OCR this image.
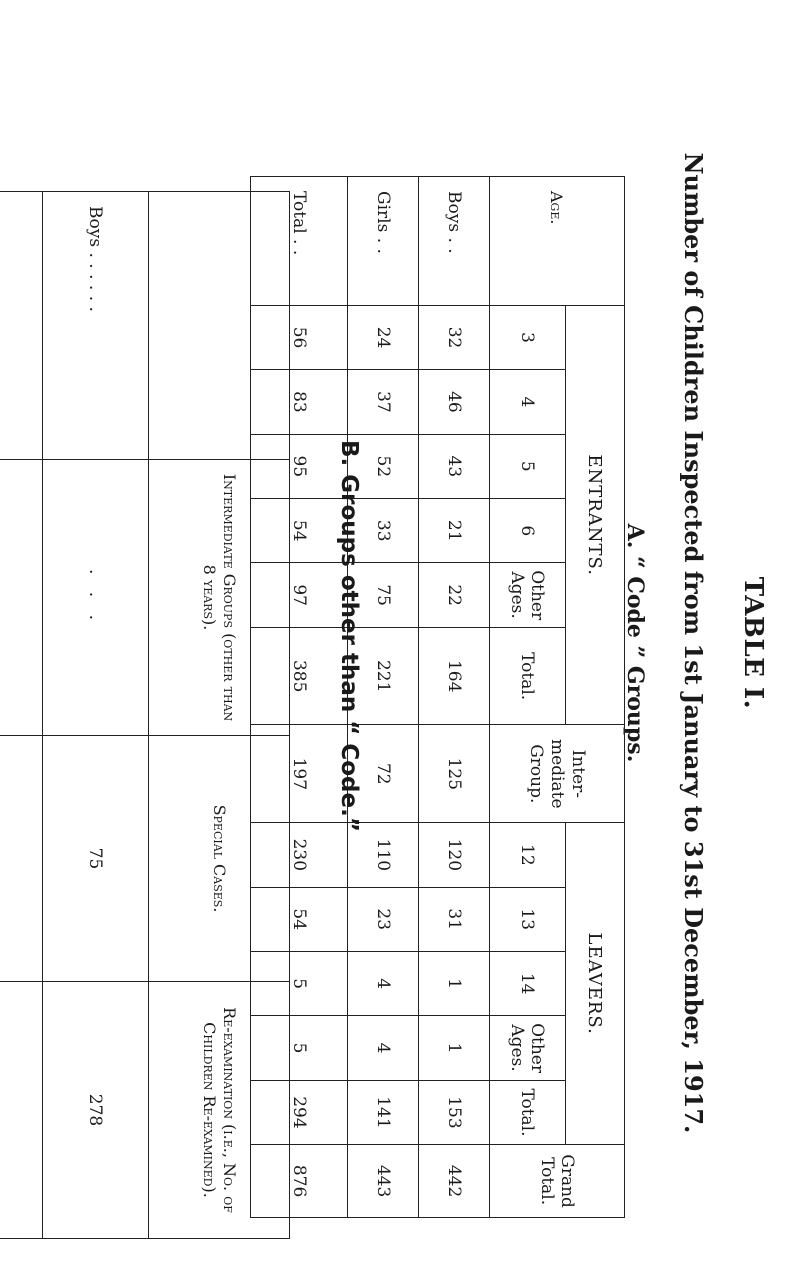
TABLE I.
Number of Children Inspected from 1st January to 31st December, 1917.
A. “ Code ” Groups.
Age.	ENTRANTS.						Inter-mediate Group.	LEAVERS.					Grand Total.
	3	4	5	6	Other Ages.	Total.		12	13	14	Other Ages.	Total.	
Boys . .	32	46	43	21	22	164	125	120	31	1	1	153	442
Girls . .	24	37	52	33	75	221	72	110	23	4	4	141	443
Total . .	56	83	95	54	97	385	197	230	54	5	5	294	876
B. Groups other than “ Code.”
	Intermediate Groups (other than 8 years).	Special Cases.	Re-examination (i.e., No. of Children Re-examined).
Boys . . . . . .	. . .	75	278
